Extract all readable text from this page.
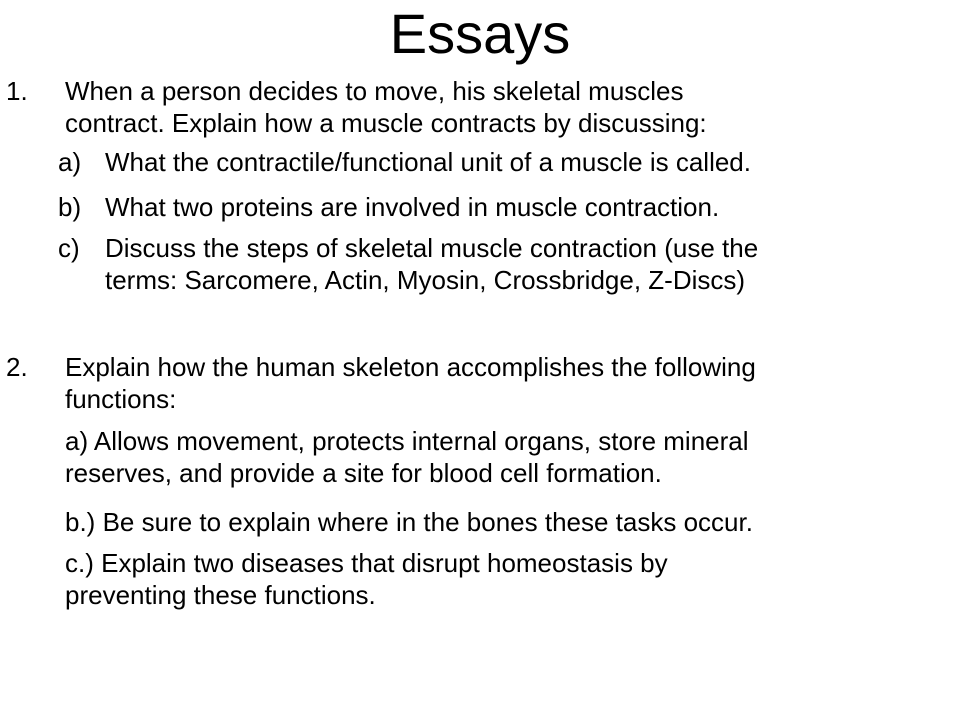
Essays
1. When a person decides to move, his skeletal muscles
contract. Explain how a muscle contracts by discussing:
a) What the contractile/functional unit of a muscle is called.
b) What two proteins are involved in muscle contraction.
c) Discuss the steps of skeletal muscle contraction (use the
terms: Sarcomere, Actin, Myosin, Crossbridge, Z-Discs)
2. Explain how the human skeleton accomplishes the following
functions:
a) Allows movement, protects internal organs, store mineral
reserves, and provide a site for blood cell formation.
b.) Be sure to explain where in the bones these tasks occur.
c.) Explain two diseases that disrupt homeostasis by
preventing these functions.
